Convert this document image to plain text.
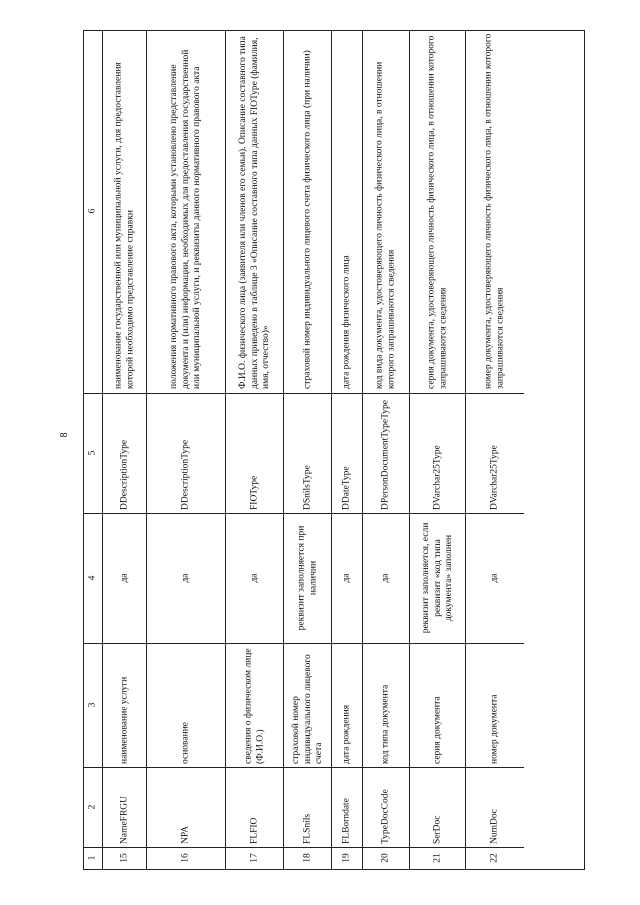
8
1
2
3
4
5
6
15
NameFRGU
наименование услуги
да
DDescriptionType
наименование государственной или муниципальной услуги, для предоставления которой необходимо представление справки
16
NPA
основание
да
DDescriptionType
положения нормативного правового акта, которыми установлено представление документа и (или) информации, необходимых для предоставления государственной или муниципальной услуги, и реквизиты данного нормативного правового акта
17
FLFIO
сведения о физическом лице (Ф.И.О.)
да
FIOType
Ф.И.О. физического лица (заявителя или членов его семьи). Описание составного типа данных приведено в таблице 3 «Описание составного типа данных FIOType (фамилия, имя, отчество)»
18
FLSnils
страховой номер индивидуального лицевого счета
реквизит заполняется при наличии
DSnilsType
страховой номер индивидуального лицевого счета физического лица (при наличии)
19
FLBorndate
дата рождения
да
DDateType
дата рождения физического лица
20
TypeDocCode
код типа документа
да
DPersonDocumentTypeType
код вида документа, удостоверяющего личность физического лица, в отношении которого запрашиваются сведения
21
SerDoc
серия документа
реквизит заполняется, если реквизит «код типа документа» заполнен
DVarchar25Type
серия документа, удостоверяющего личность физического лица, в отношении которого запрашиваются сведения
22
NumDoc
номер документа
да
DVarchar25Type
номер документа, удостоверяющего личность физического лица, в отношении которого запрашиваются сведения
